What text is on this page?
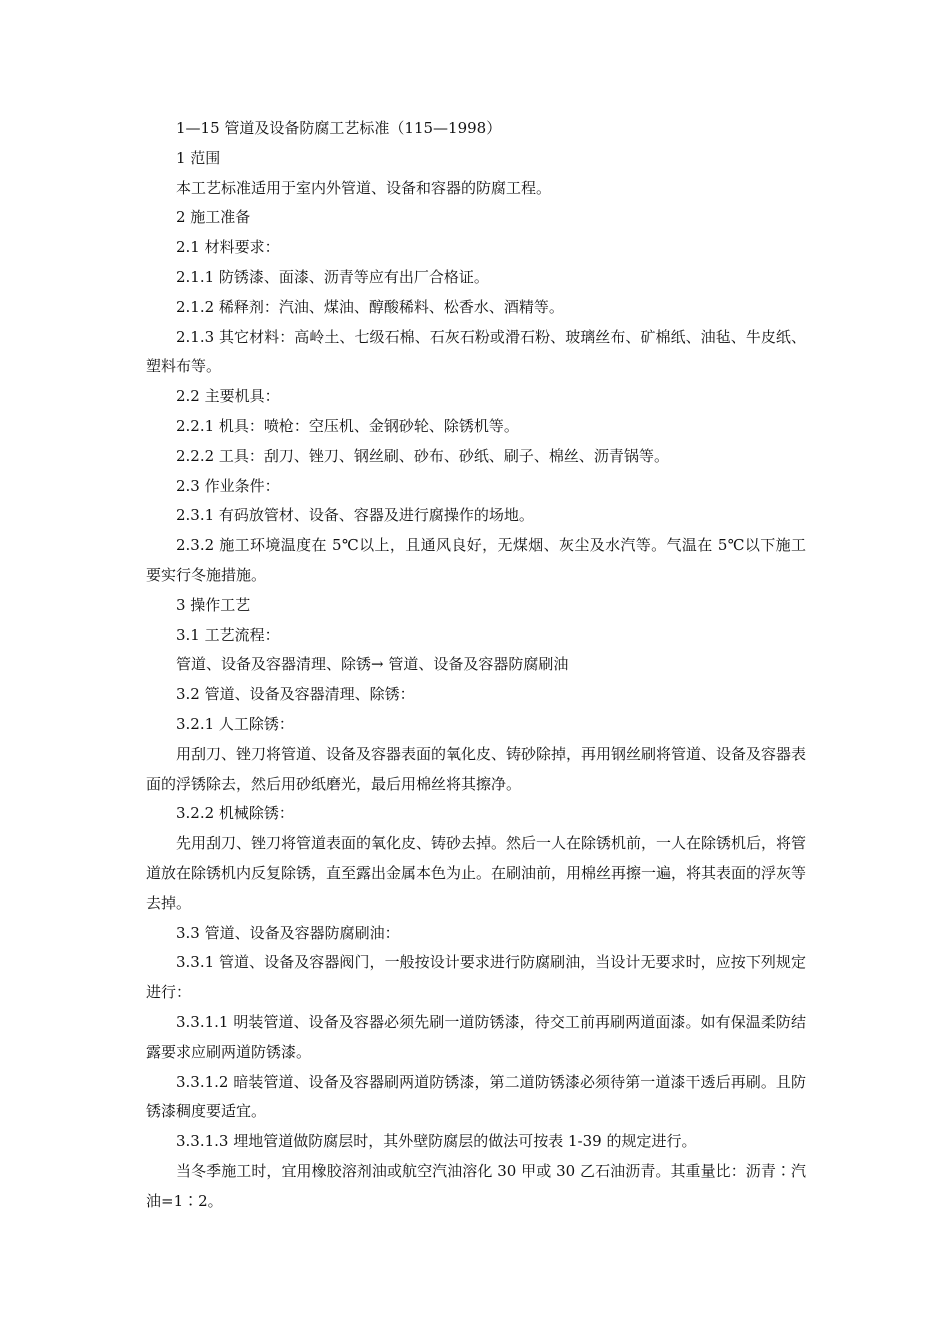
1—15 管道及设备防腐工艺标准（115—1998）

1 范围

本工艺标准适用于室内外管道、设备和容器的防腐工程。

2 施工准备

2.1 材料要求：

2.1.1 防锈漆、面漆、沥青等应有出厂合格证。

2.1.2 稀释剂：汽油、煤油、醇酸稀料、松香水、酒精等。

2.1.3 其它材料：高岭土、七级石棉、石灰石粉或滑石粉、玻璃丝布、矿棉纸、油毡、牛皮纸、塑料布等。

2.2 主要机具：

2.2.1 机具：喷枪：空压机、金钢砂轮、除锈机等。

2.2.2 工具：刮刀、锉刀、钢丝刷、砂布、砂纸、刷子、棉丝、沥青锅等。

2.3 作业条件：

2.3.1 有码放管材、设备、容器及进行腐操作的场地。

2.3.2 施工环境温度在 5℃以上，且通风良好，无煤烟、灰尘及水汽等。气温在 5℃以下施工要实行冬施措施。

3 操作工艺

3.1 工艺流程：

管道、设备及容器清理、除锈→ 管道、设备及容器防腐刷油

3.2 管道、设备及容器清理、除锈：

3.2.1 人工除锈：

用刮刀、锉刀将管道、设备及容器表面的氧化皮、铸砂除掉，再用钢丝刷将管道、设备及容器表面的浮锈除去，然后用砂纸磨光，最后用棉丝将其擦净。

3.2.2 机械除锈：

先用刮刀、锉刀将管道表面的氧化皮、铸砂去掉。然后一人在除锈机前，一人在除锈机后，将管道放在除锈机内反复除锈，直至露出金属本色为止。在刷油前，用棉丝再擦一遍，将其表面的浮灰等去掉。

3.3 管道、设备及容器防腐刷油：

3.3.1 管道、设备及容器阀门，一般按设计要求进行防腐刷油，当设计无要求时，应按下列规定进行：

3.3.1.1 明装管道、设备及容器必须先刷一道防锈漆，待交工前再刷两道面漆。如有保温柔防结露要求应刷两道防锈漆。

3.3.1.2 暗装管道、设备及容器刷两道防锈漆，第二道防锈漆必须待第一道漆干透后再刷。且防锈漆稠度要适宜。

3.3.1.3 埋地管道做防腐层时，其外壁防腐层的做法可按表 1-39 的规定进行。

当冬季施工时，宜用橡胶溶剂油或航空汽油溶化 30 甲或 30 乙石油沥青。其重量比：沥青∶汽油=1∶2。
